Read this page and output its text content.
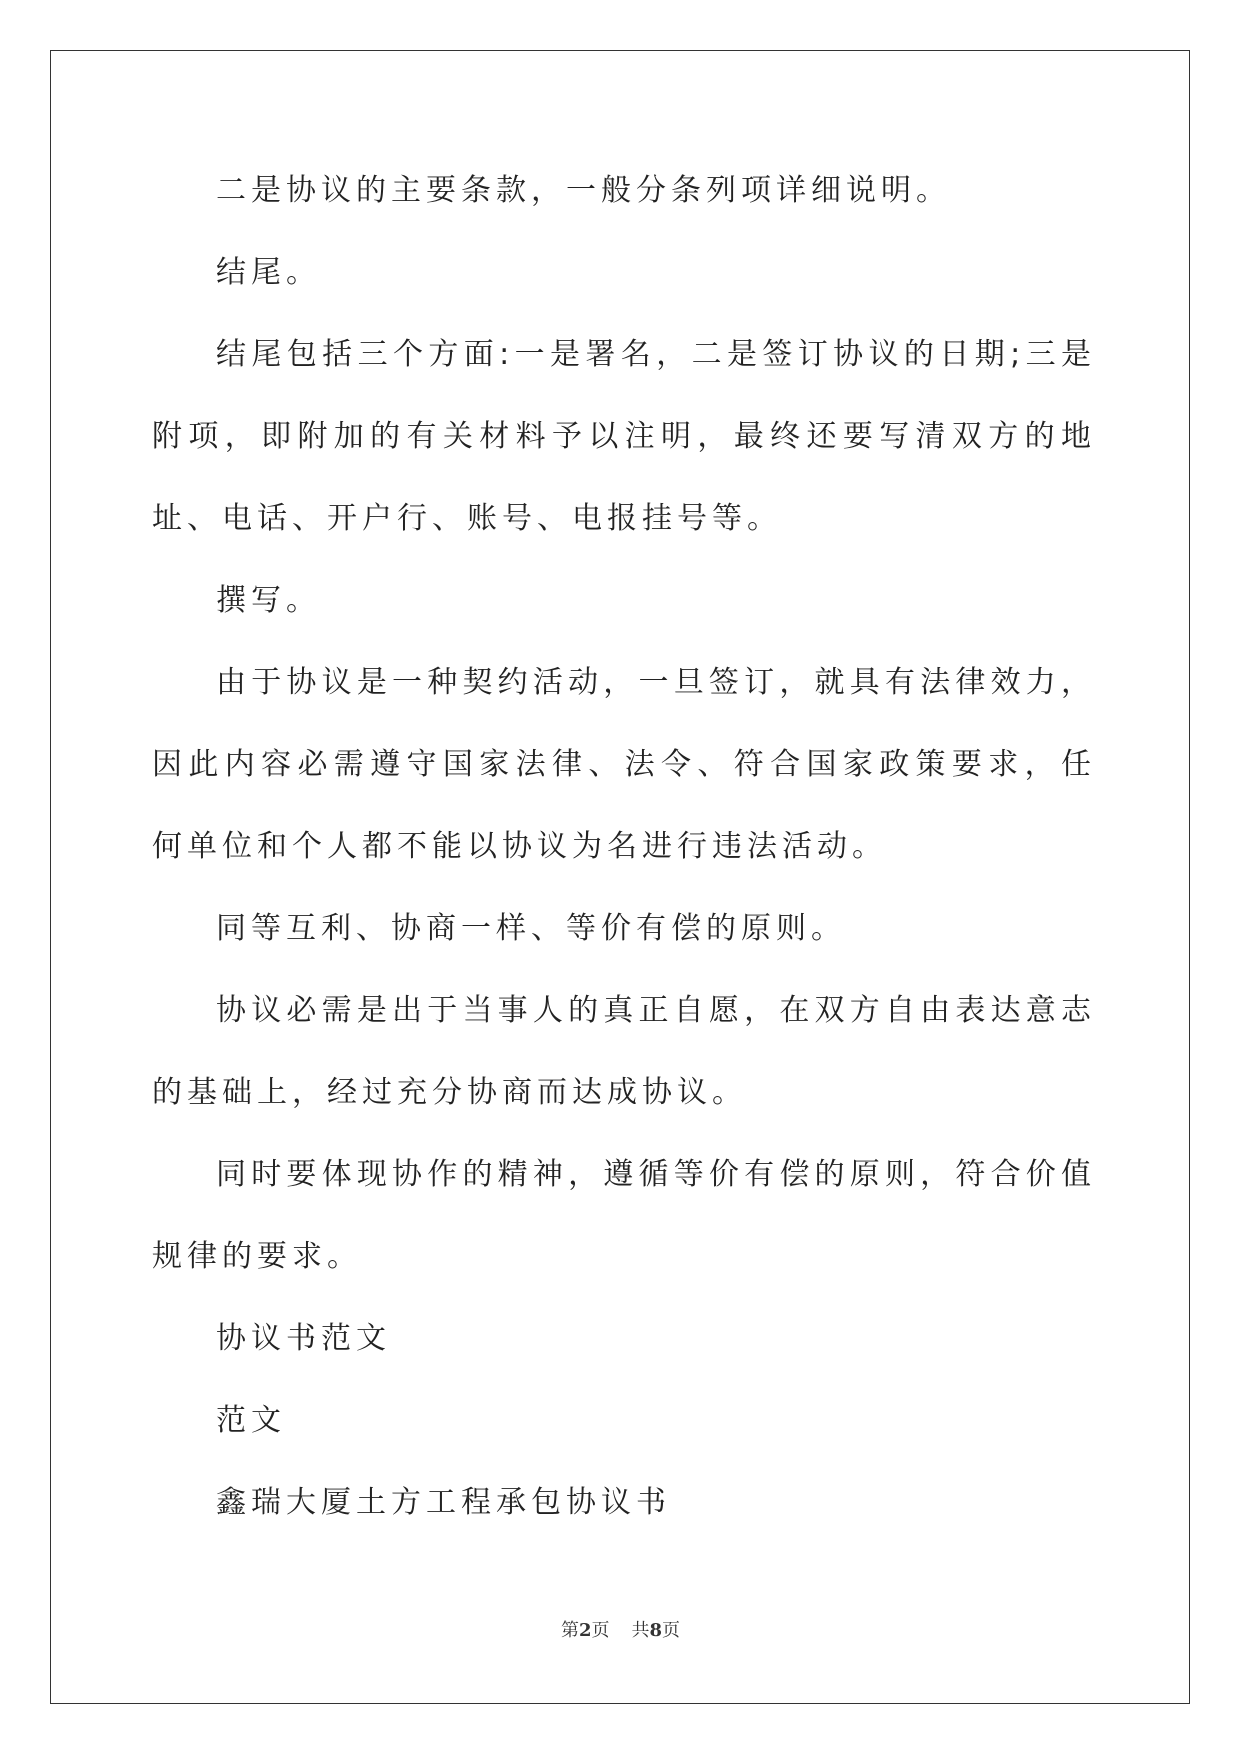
二是协议的主要条款，一般分条列项详细说明。

结尾。

结尾包括三个方面:一是署名，二是签订协议的日期;三是附项，即附加的有关材料予以注明，最终还要写清双方的地址、电话、开户行、账号、电报挂号等。

撰写。

由于协议是一种契约活动，一旦签订，就具有法律效力，因此内容必需遵守国家法律、法令、符合国家政策要求，任何单位和个人都不能以协议为名进行违法活动。

同等互利、协商一样、等价有偿的原则。

协议必需是出于当事人的真正自愿，在双方自由表达意志的基础上，经过充分协商而达成协议。

同时要体现协作的精神，遵循等价有偿的原则，符合价值规律的要求。

协议书范文

范文

鑫瑞大厦土方工程承包协议书

第2页 共8页
